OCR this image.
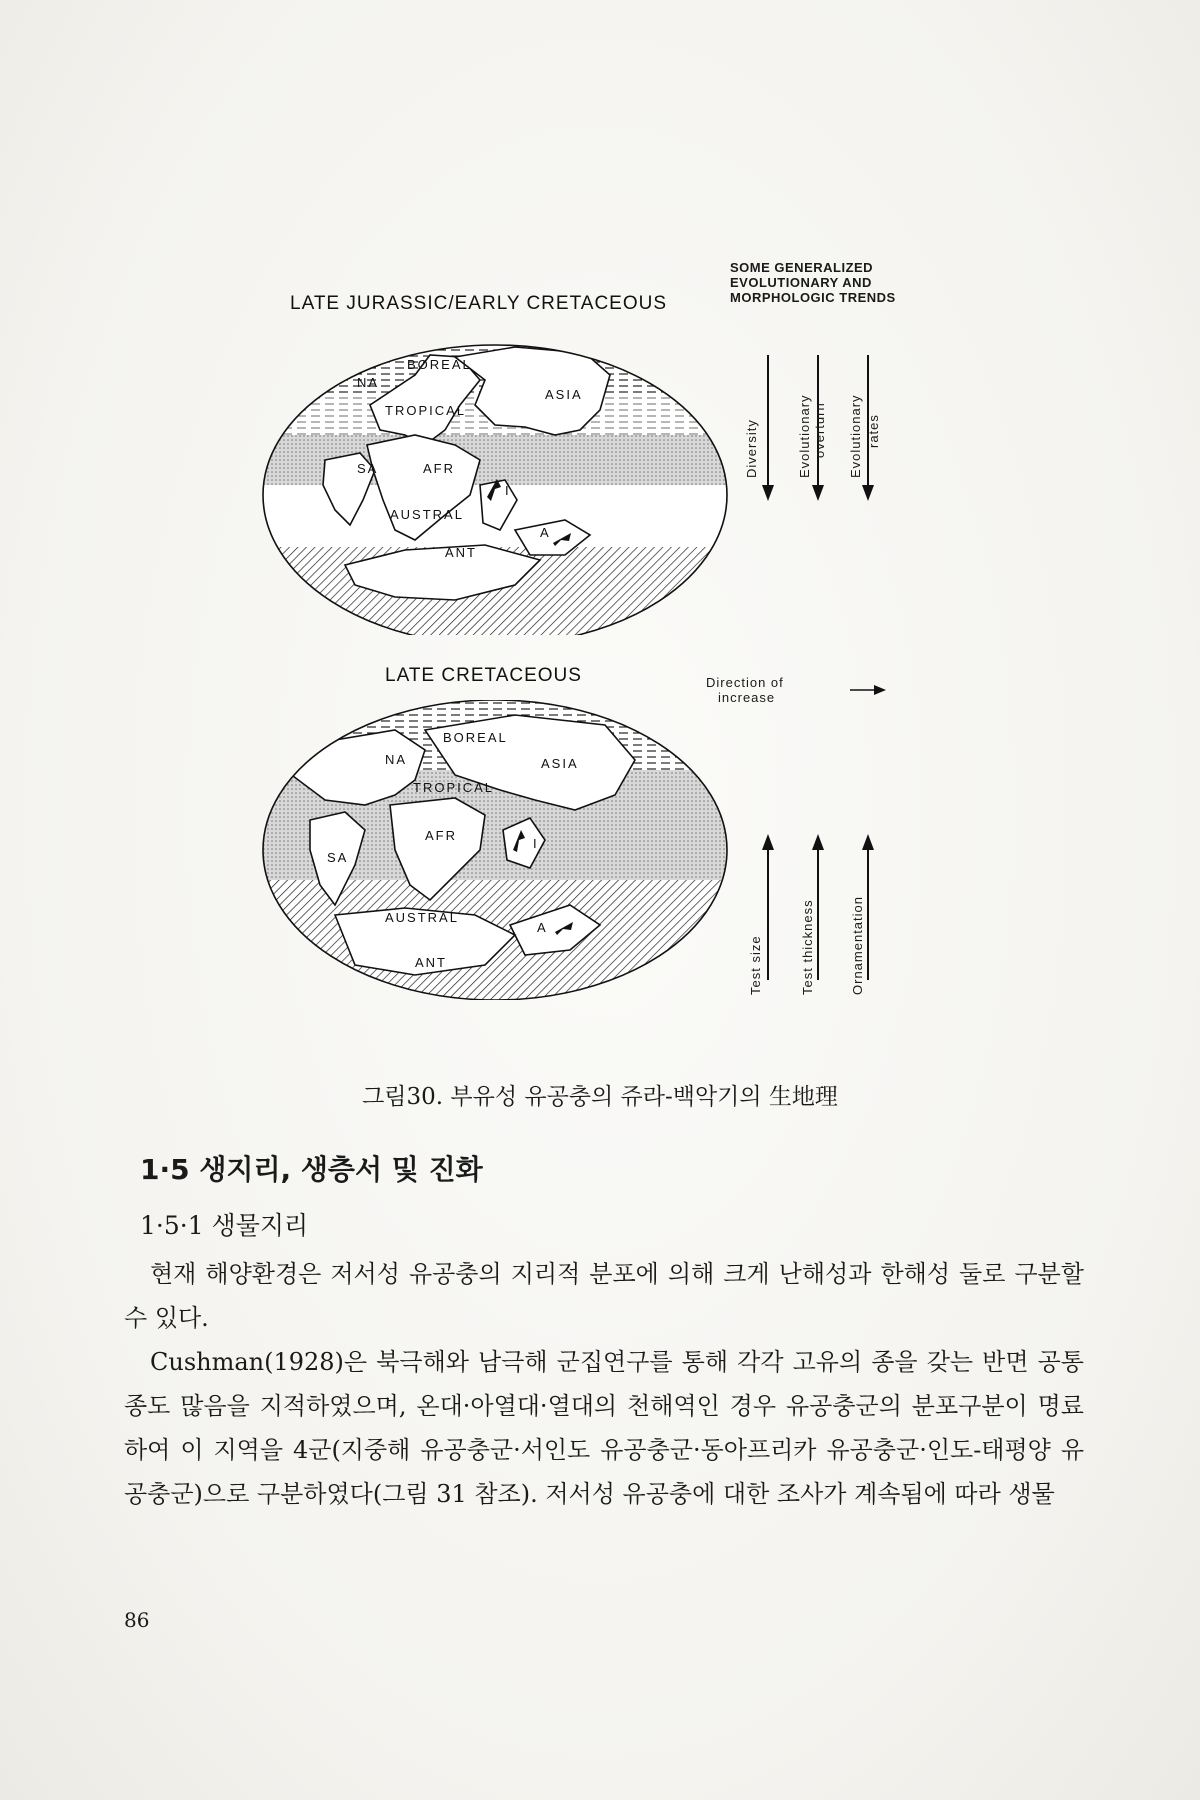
LATE JURASSIC/EARLY CRETACEOUS
SOME GENERALIZED
EVOLUTIONARY AND
MORPHOLOGIC TRENDS
BOREAL
NA
ASIA
TROPICAL
SA	AFR
AUSTRAL
ANT
A
I
Diversity	Evolutionary overturn Evolutionary rates
LATE CRETACEOUS	Direction of
increase
BOREAL
NA	ASIA
TROPICAL
SA
AFR
AUSTRAL
ANT
A
I
Test size	Test thickness	Ornamentation
그림30. 부유성 유공충의 쥬라-백악기의 生地理
1·5 생지리, 생층서 및 진화
1·5·1 생물지리

현재 해양환경은 저서성 유공충의 지리적 분포에 의해 크게 난해성과 한해성 둘로 구분할 수 있다.

Cushman(1928)은 북극해와 남극해 군집연구를 통해 각각 고유의 종을 갖는 반면 공통종도 많음을 지적하였으며, 온대·아열대·열대의 천해역인 경우 유공충군의 분포구분이 명료하여 이 지역을 4군(지중해 유공충군·서인도 유공충군·동아프리카 유공충군·인도-태평양 유공충군)으로 구분하였다(그림 31 참조). 저서성 유공충에 대한 조사가 계속됨에 따라 생물

86
